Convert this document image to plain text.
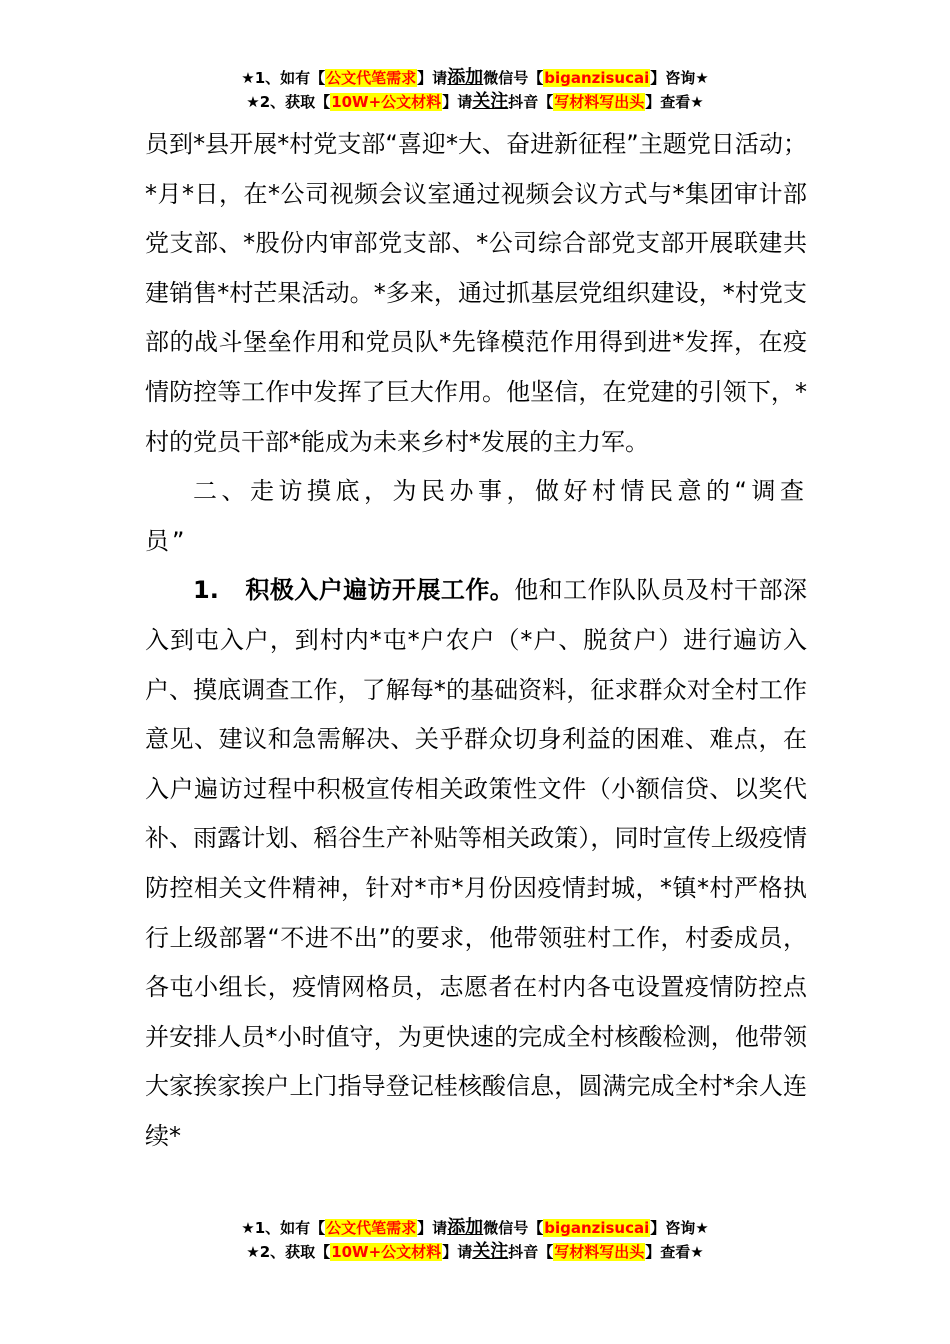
★1、如有【公文代笔需求】请添加微信号【biganzisucai】咨询★
★2、获取【10W+公文材料】请关注抖音【写材料写出头】查看★

员到*县开展*村党支部“喜迎*大、奋进新征程”主题党日活动；*月*日，在*公司视频会议室通过视频会议方式与*集团审计部党支部、*股份内审部党支部、*公司综合部党支部开展联建共建销售*村芒果活动。*多来，通过抓基层党组织建设，*村党支部的战斗堡垒作用和党员队*先锋模范作用得到进*发挥，在疫情防控等工作中发挥了巨大作用。他坚信，在党建的引领下，*村的党员干部*能成为未来乡村*发展的主力军。

二、走访摸底，为民办事，做好村情民意的“调查员”

1. 积极入户遍访开展工作。他和工作队队员及村干部深入到屯入户，到村内*屯*户农户（*户、脱贫户）进行遍访入户、摸底调查工作，了解每*的基础资料，征求群众对全村工作意见、建议和急需解决、关乎群众切身利益的困难、难点，在入户遍访过程中积极宣传相关政策性文件（小额信贷、以奖代补、雨露计划、稻谷生产补贴等相关政策），同时宣传上级疫情防控相关文件精神，针对*市*月份因疫情封城，*镇*村严格执行上级部署“不进不出”的要求，他带领驻村工作，村委成员，各屯小组长，疫情网格员，志愿者在村内各屯设置疫情防控点并安排人员*小时值守，为更快速的完成全村核酸检测，他带领大家挨家挨户上门指导登记桂核酸信息，圆满完成全村*余人连续*

★1、如有【公文代笔需求】请添加微信号【biganzisucai】咨询★
★2、获取【10W+公文材料】请关注抖音【写材料写出头】查看★
